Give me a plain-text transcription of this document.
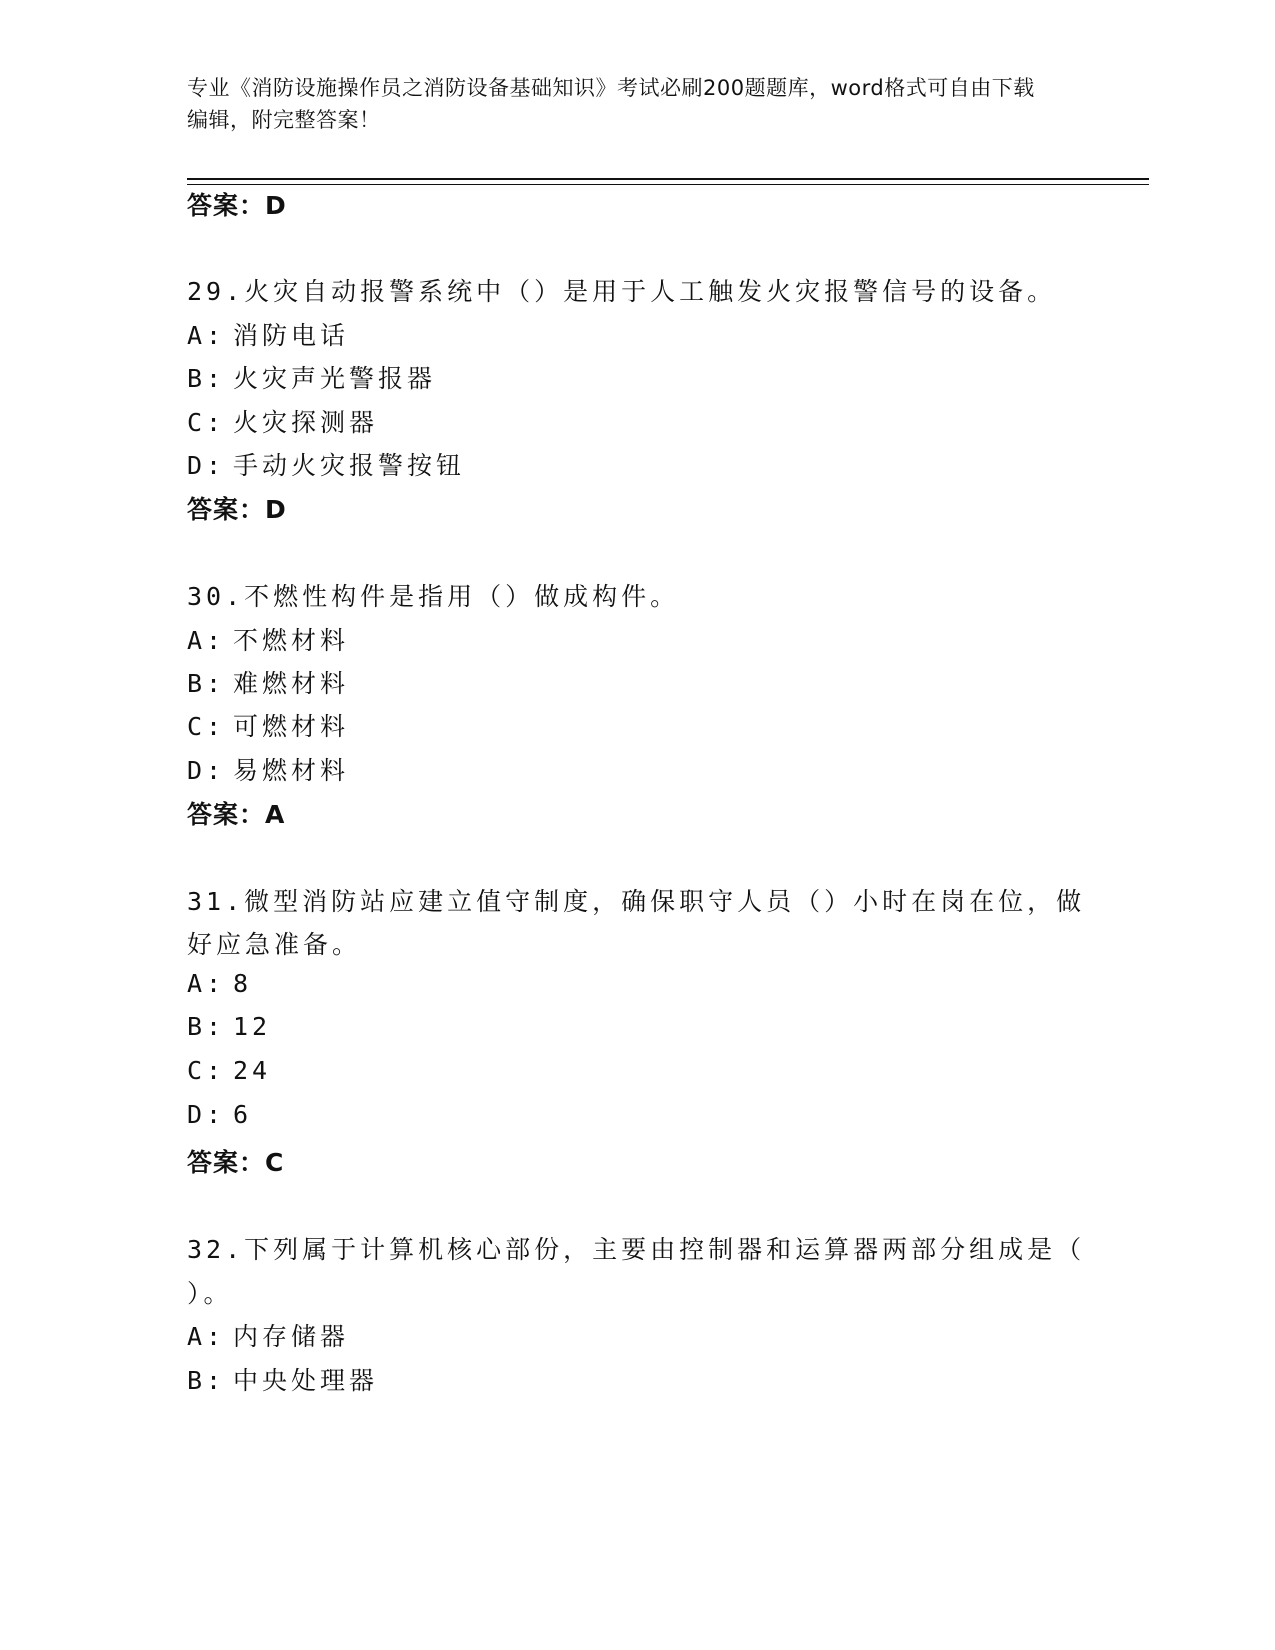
专业《消防设施操作员之消防设备基础知识》考试必刷200题题库，word格式可自由下载编辑，附完整答案！
答案：D
29.火灾自动报警系统中（）是用于人工触发火灾报警信号的设备。
A: 消防电话
B: 火灾声光警报器
C: 火灾探测器
D: 手动火灾报警按钮
答案：D
30.不燃性构件是指用（）做成构件。
A: 不燃材料
B: 难燃材料
C: 可燃材料
D: 易燃材料
答案：A
31.微型消防站应建立值守制度，确保职守人员（）小时在岗在位，做
好应急准备。
A: 8
B: 12
C: 24
D: 6
答案：C
32.下列属于计算机核心部份，主要由控制器和运算器两部分组成是（
）。
A: 内存储器
B: 中央处理器
